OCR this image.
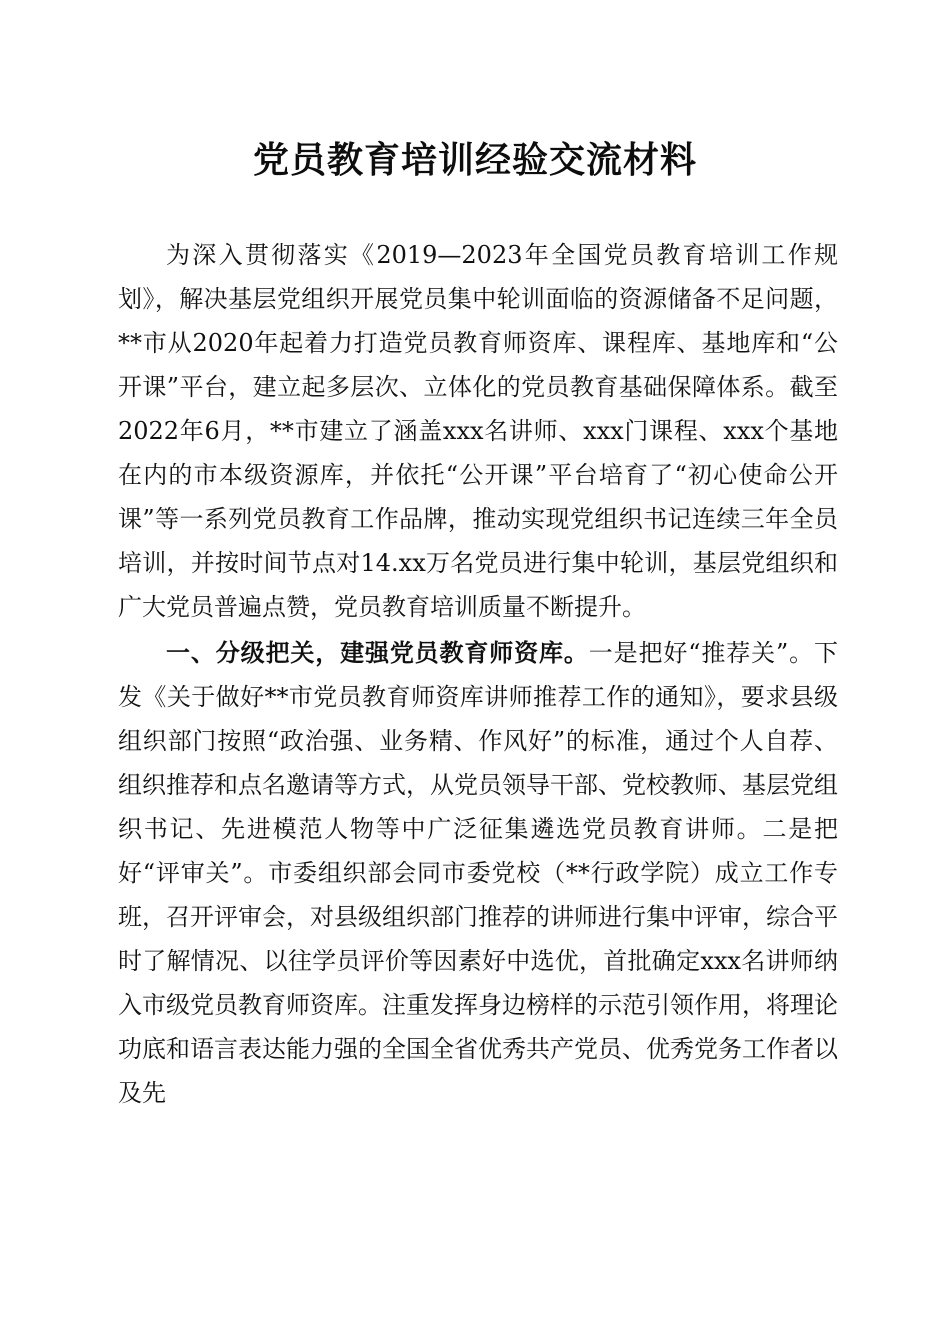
党员教育培训经验交流材料

为深入贯彻落实《2019—2023年全国党员教育培训工作规划》，解决基层党组织开展党员集中轮训面临的资源储备不足问题，**市从2020年起着力打造党员教育师资库、课程库、基地库和“公开课”平台，建立起多层次、立体化的党员教育基础保障体系。截至2022年6月，**市建立了涵盖xxx名讲师、xxx门课程、xxx个基地在内的市本级资源库，并依托“公开课”平台培育了“初心使命公开课”等一系列党员教育工作品牌，推动实现党组织书记连续三年全员培训，并按时间节点对14.xx万名党员进行集中轮训，基层党组织和广大党员普遍点赞，党员教育培训质量不断提升。

一、分级把关，建强党员教育师资库。一是把好“推荐关”。下发《关于做好**市党员教育师资库讲师推荐工作的通知》，要求县级组织部门按照“政治强、业务精、作风好”的标准，通过个人自荐、组织推荐和点名邀请等方式，从党员领导干部、党校教师、基层党组织书记、先进模范人物等中广泛征集遴选党员教育讲师。二是把好“评审关”。市委组织部会同市委党校（**行政学院）成立工作专班，召开评审会，对县级组织部门推荐的讲师进行集中评审，综合平时了解情况、以往学员评价等因素好中选优，首批确定xxx名讲师纳入市级党员教育师资库。注重发挥身边榜样的示范引领作用，将理论功底和语言表达能力强的全国全省优秀共产党员、优秀党务工作者以及先
